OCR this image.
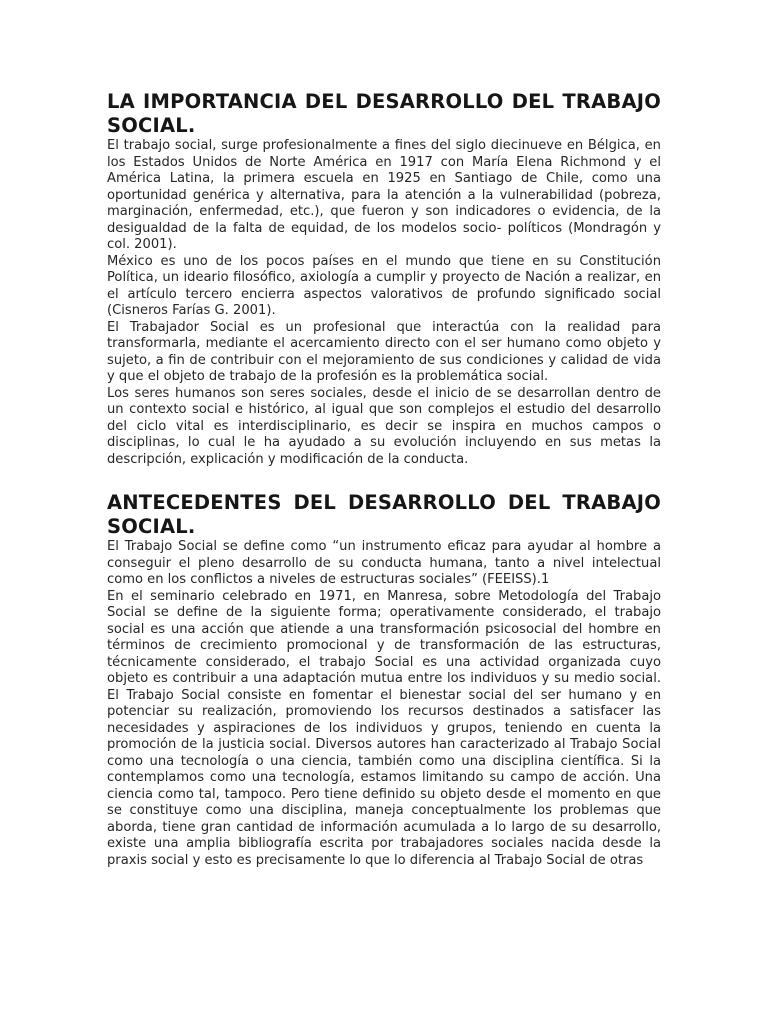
LA IMPORTANCIA DEL DESARROLLO DEL TRABAJO SOCIAL.

El trabajo social, surge profesionalmente a fines del siglo diecinueve en Bélgica, en los Estados Unidos de Norte América en 1917 con María Elena Richmond y el América Latina, la primera escuela en 1925 en Santiago de Chile, como una oportunidad genérica y alternativa, para la atención a la vulnerabilidad (pobreza, marginación, enfermedad, etc.), que fueron y son indicadores o evidencia, de la desigualdad de la falta de equidad, de los modelos socio- políticos (Mondragón y col. 2001).

México es uno de los pocos países en el mundo que tiene en su Constitución Política, un ideario filosófico, axiología a cumplir y proyecto de Nación a realizar, en el artículo tercero encierra aspectos valorativos de profundo significado social (Cisneros Farías G. 2001).

El Trabajador Social es un profesional que interactúa con la realidad para transformarla, mediante el acercamiento directo con el ser humano como objeto y sujeto, a fin de contribuir con el mejoramiento de sus condiciones y calidad de vida y que el objeto de trabajo de la profesión es la problemática social.

Los seres humanos son seres sociales, desde el inicio de se desarrollan dentro de un contexto social e histórico, al igual que son complejos el estudio del desarrollo del ciclo vital es interdisciplinario, es decir se inspira en muchos campos o disciplinas, lo cual le ha ayudado a su evolución incluyendo en sus metas la descripción, explicación y modificación de la conducta.

ANTECEDENTES DEL DESARROLLO DEL TRABAJO SOCIAL.

El Trabajo Social se define como “un instrumento eficaz para ayudar al hombre a conseguir el pleno desarrollo de su conducta humana, tanto a nivel intelectual como en los conflictos a niveles de estructuras sociales” (FEEISS).1

En el seminario celebrado en 1971, en Manresa, sobre Metodología del Trabajo Social se define de la siguiente forma; operativamente considerado, el trabajo social es una acción que atiende a una transformación psicosocial del hombre en términos de crecimiento promocional y de transformación de las estructuras, técnicamente considerado, el trabajo Social es una actividad organizada cuyo objeto es contribuir a una adaptación mutua entre los individuos y su medio social. El Trabajo Social consiste en fomentar el bienestar social del ser humano y en potenciar su realización, promoviendo los recursos destinados a satisfacer las necesidades y aspiraciones de los individuos y grupos, teniendo en cuenta la promoción de la justicia social. Diversos autores han caracterizado al Trabajo Social como una tecnología o una ciencia, también como una disciplina científica. Si la contemplamos como una tecnología, estamos limitando su campo de acción. Una ciencia como tal, tampoco. Pero tiene definido su objeto desde el momento en que se constituye como una disciplina, maneja conceptualmente los problemas que aborda, tiene gran cantidad de información acumulada a lo largo de su desarrollo, existe una amplia bibliografía escrita por trabajadores sociales nacida desde la praxis social y esto es precisamente lo que lo diferencia al Trabajo Social de otras
